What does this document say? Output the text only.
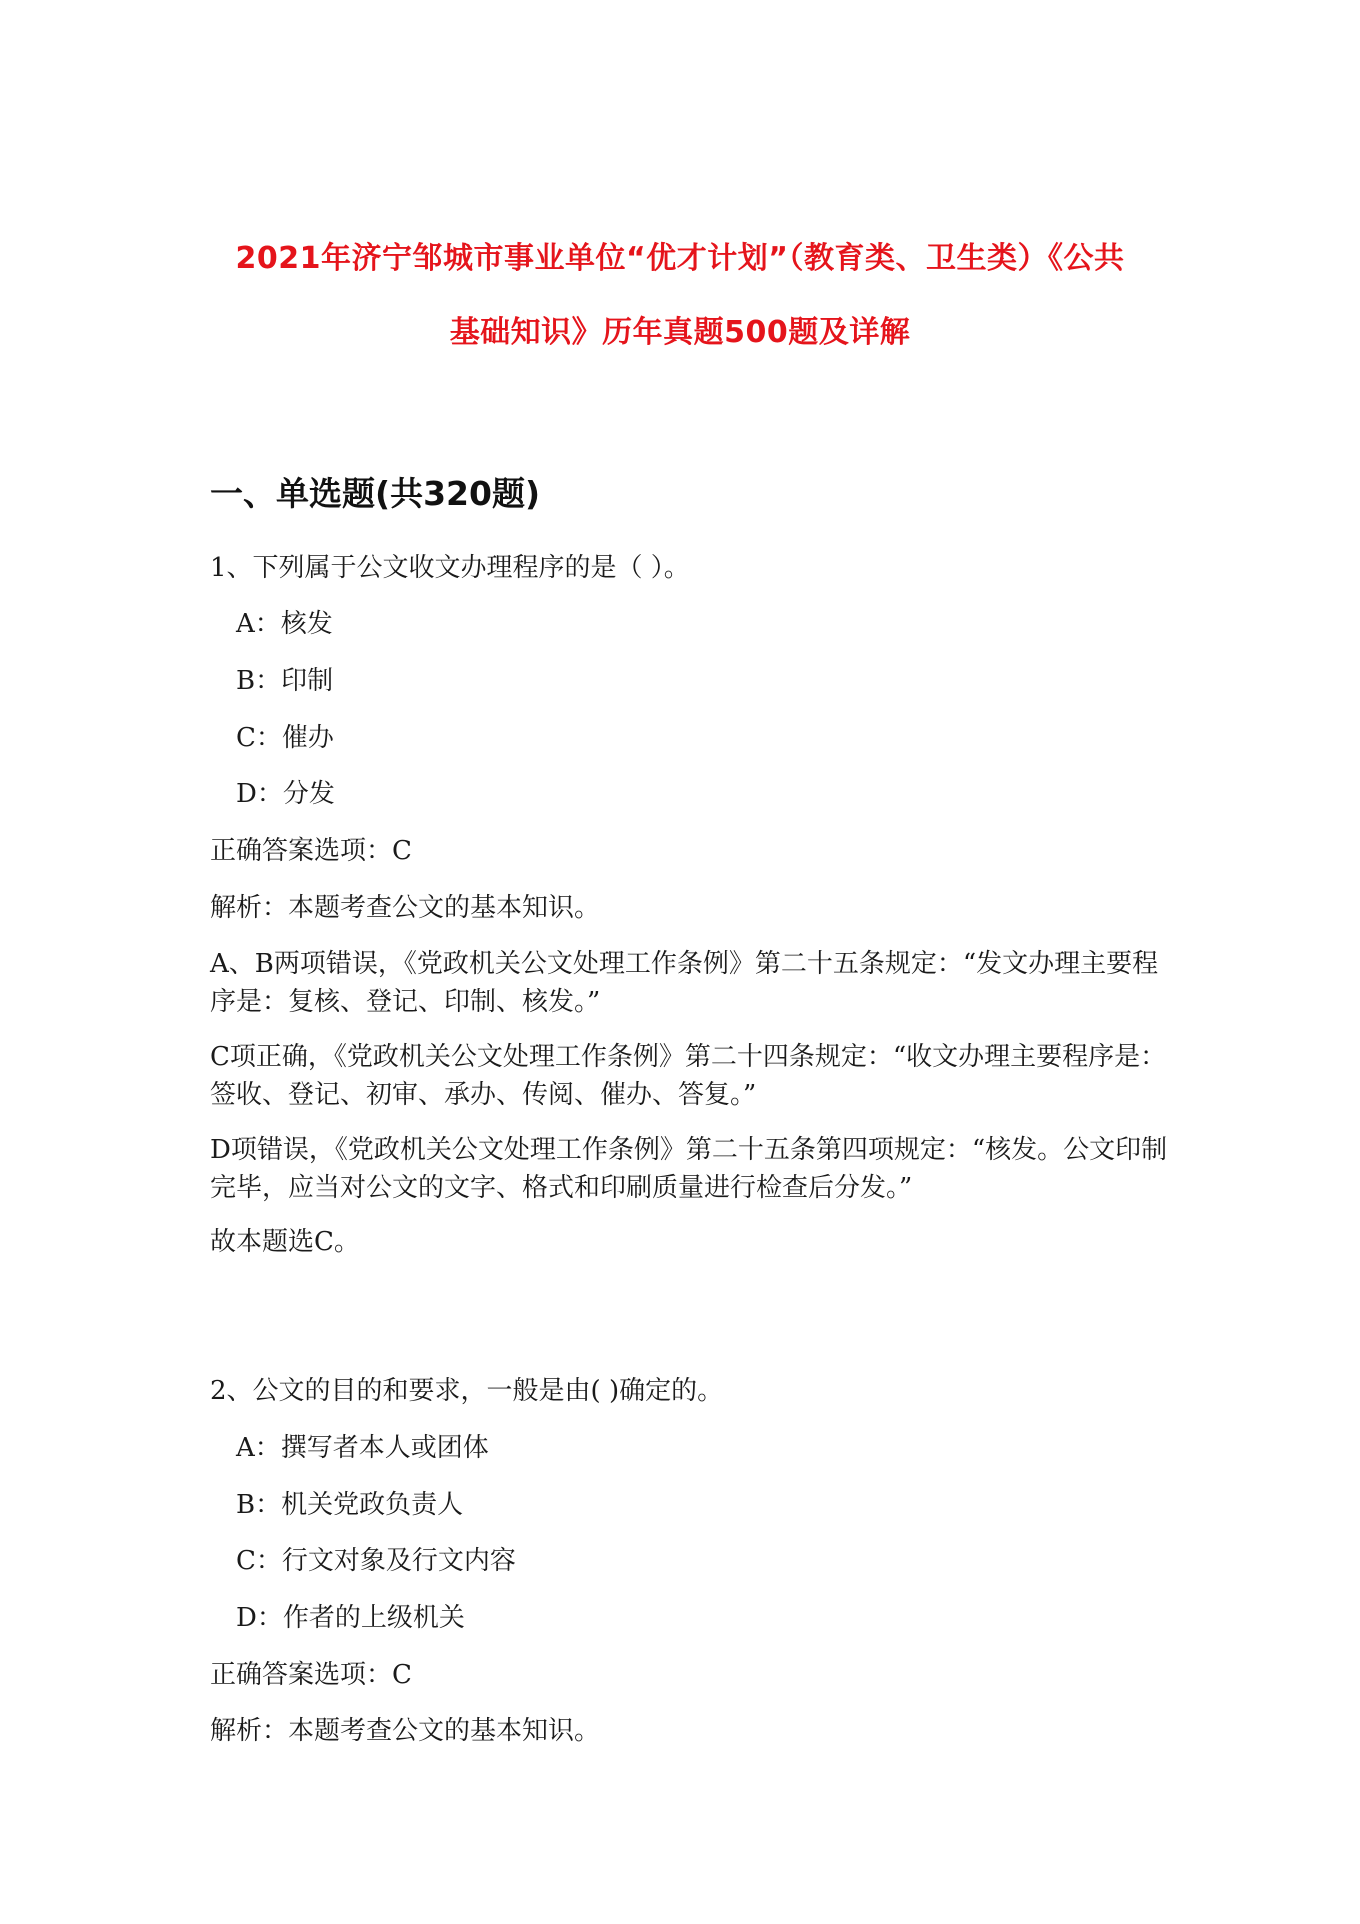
2021年济宁邹城市事业单位“优才计划”（教育类、卫生类）《公共
基础知识》历年真题500题及详解
一、单选题(共320题)
1、下列属于公文收文办理程序的是（ ）。
A：核发
B：印制
C：催办
D：分发
正确答案选项：C
解析：本题考查公文的基本知识。
A、B两项错误，《党政机关公文处理工作条例》第二十五条规定：“发文办理主要程序是：复核、登记、印制、核发。”
C项正确，《党政机关公文处理工作条例》第二十四条规定：“收文办理主要程序是：签收、登记、初审、承办、传阅、催办、答复。”
D项错误，《党政机关公文处理工作条例》第二十五条第四项规定：“核发。公文印制完毕，应当对公文的文字、格式和印刷质量进行检查后分发。”
故本题选C。
2、公文的目的和要求，一般是由( )确定的。
A：撰写者本人或团体
B：机关党政负责人
C：行文对象及行文内容
D：作者的上级机关
正确答案选项：C
解析：本题考查公文的基本知识。
